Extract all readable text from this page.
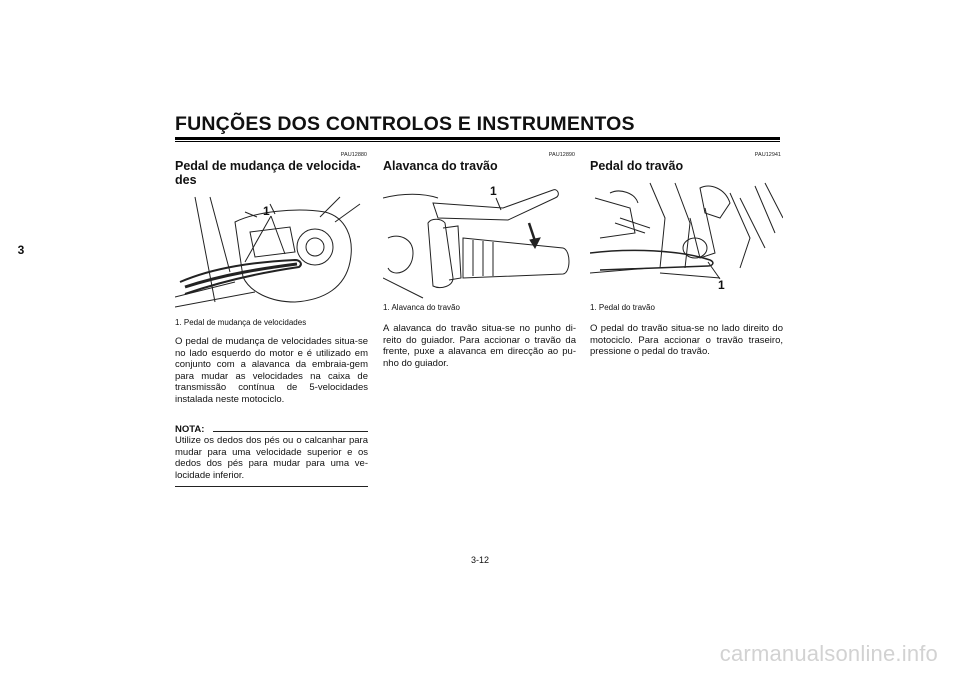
FUNÇÕES DOS CONTROLOS E INSTRUMENTOS
3
PAU12880
Pedal de mudança de velocida-
des
1
1. Pedal de mudança de velocidades
O pedal de mudança de velocidades situa-se no lado esquerdo do motor e é utilizado em conjunto com a alavanca da embraia-gem para mudar as velocidades na caixa de transmissão contínua de 5-velocidades instalada neste motociclo.
NOTA:
Utilize os dedos dos pés ou o calcanhar para mudar para uma velocidade superior e os dedos dos pés para mudar para uma ve-locidade inferior.
PAU12890
Alavanca do travão
1
1. Alavanca do travão
A alavanca do travão situa-se no punho di-reito do guiador. Para accionar o travão da frente, puxe a alavanca em direcção ao pu-nho do guiador.
PAU12941
Pedal do travão
1
1. Pedal do travão
O pedal do travão situa-se no lado direito do motociclo. Para accionar o travão traseiro, pressione o pedal do travão.
3-12
carmanualsonline.info
